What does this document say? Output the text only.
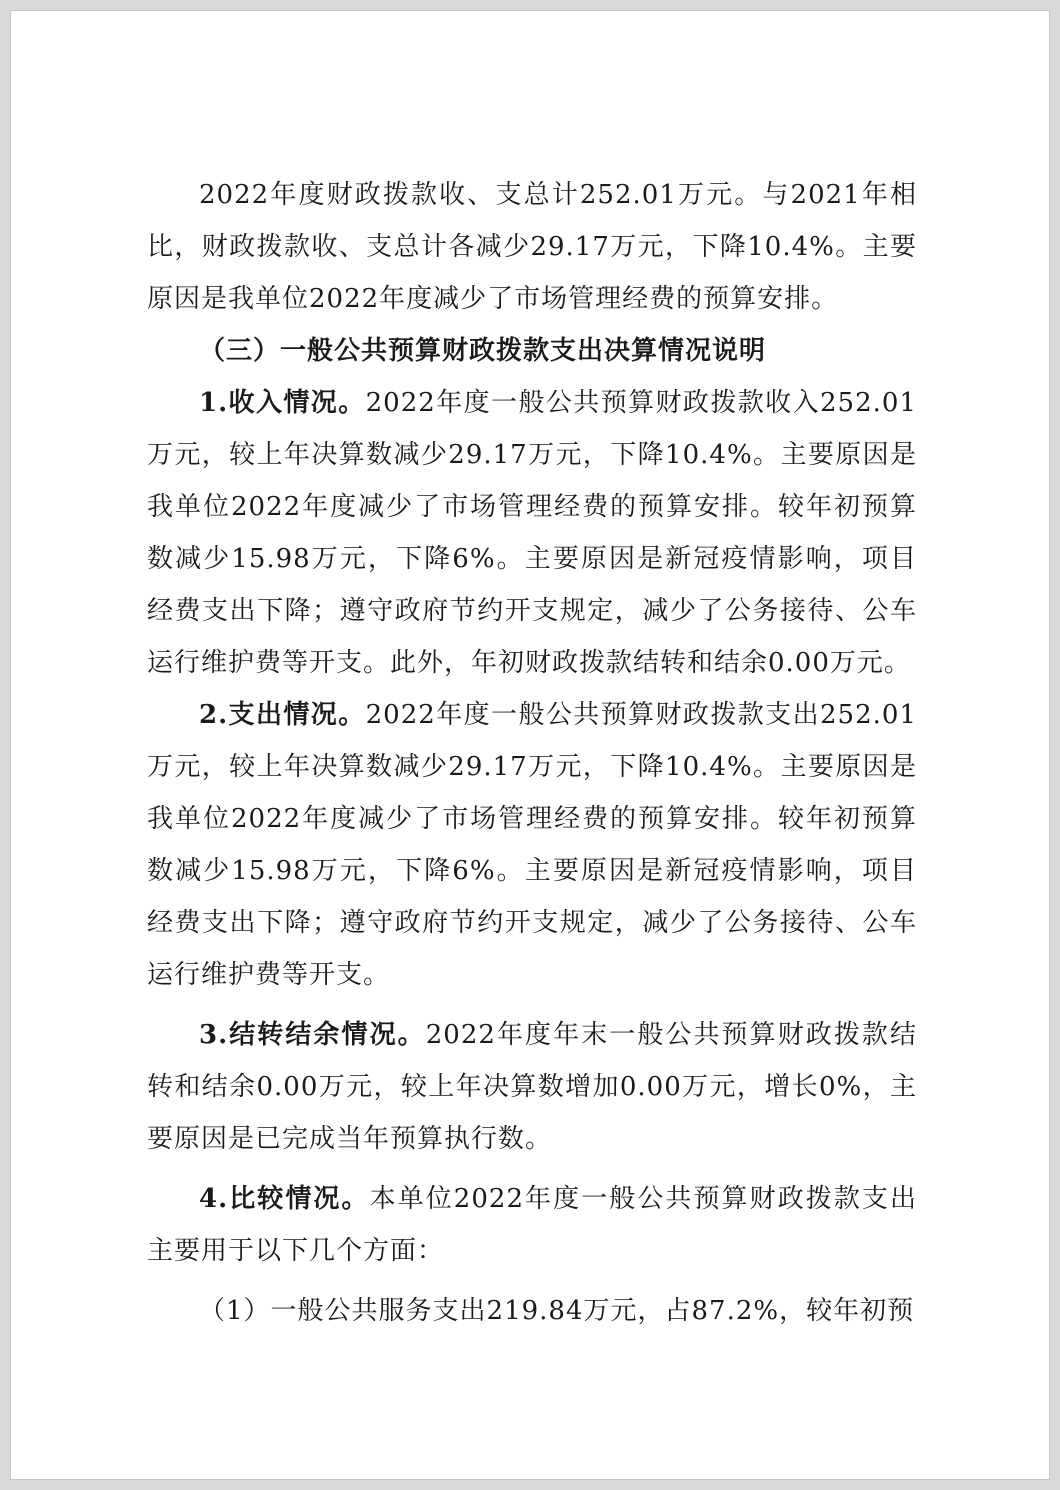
2022年度财政拨款收、支总计252.01万元。与2021年相比，财政拨款收、支总计各减少29.17万元，下降10.4%。主要原因是我单位2022年度减少了市场管理经费的预算安排。

（三）一般公共预算财政拨款支出决算情况说明

1.收入情况。2022年度一般公共预算财政拨款收入252.01万元，较上年决算数减少29.17万元，下降10.4%。主要原因是我单位2022年度减少了市场管理经费的预算安排。较年初预算数减少15.98万元，下降6%。主要原因是新冠疫情影响，项目经费支出下降；遵守政府节约开支规定，减少了公务接待、公车运行维护费等开支。此外，年初财政拨款结转和结余0.00万元。

2.支出情况。2022年度一般公共预算财政拨款支出252.01万元，较上年决算数减少29.17万元，下降10.4%。主要原因是我单位2022年度减少了市场管理经费的预算安排。较年初预算数减少15.98万元，下降6%。主要原因是新冠疫情影响，项目经费支出下降；遵守政府节约开支规定，减少了公务接待、公车运行维护费等开支。

3.结转结余情况。2022年度年末一般公共预算财政拨款结转和结余0.00万元，较上年决算数增加0.00万元，增长0%，主要原因是已完成当年预算执行数。

4.比较情况。本单位2022年度一般公共预算财政拨款支出主要用于以下几个方面：

（1）一般公共服务支出219.84万元，占87.2%，较年初预
